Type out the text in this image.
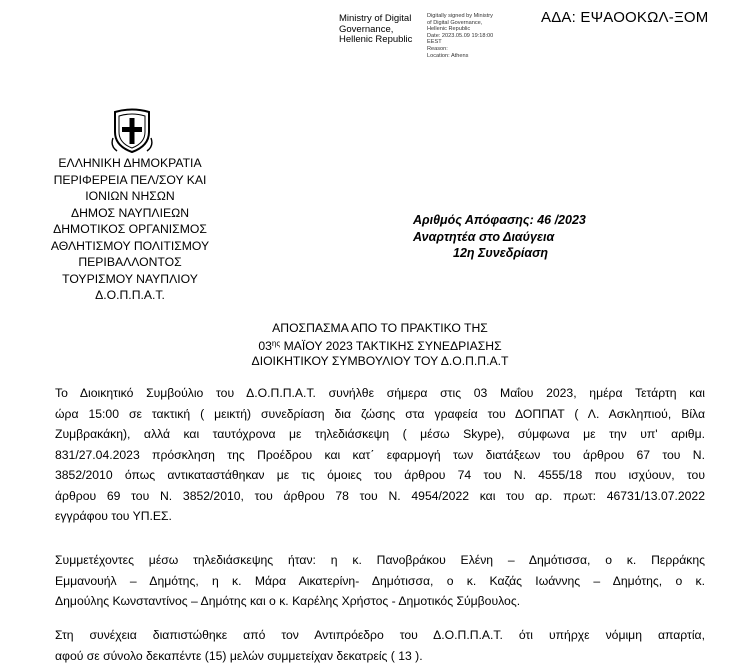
Ministry of Digital
Governance,
Hellenic Republic
Digitally signed by Ministry
of Digital Governance,
Hellenic Republic
Date: 2023.05.09 19:18:00
EEST
Reason:
Location: Athens
ΑΔΑ: ΕΨΑΟΟΚΩΛ-ΞΟΜ
ΕΛΛΗΝΙΚΗ ΔΗΜΟΚΡΑΤΙΑ
ΠΕΡΙΦΕΡΕΙΑ ΠΕΛ/ΣΟΥ ΚΑΙ
ΙΟΝΙΩΝ ΝΗΣΩΝ
ΔΗΜΟΣ ΝΑΥΠΛΙΕΩΝ
ΔΗΜΟΤΙΚΟΣ ΟΡΓΑΝΙΣΜΟΣ
ΑΘΛΗΤΙΣΜΟΥ ΠΟΛΙΤΙΣΜΟΥ
ΠΕΡΙΒΑΛΛΟΝΤΟΣ
ΤΟΥΡΙΣΜΟΥ ΝΑΥΠΛΙΟΥ
Δ.Ο.Π.Π.Α.Τ.
Αριθμός Απόφασης: 46 /2023
Αναρτητέα στο Διαύγεια
12η Συνεδρίαση
ΑΠΟΣΠΑΣΜΑ ΑΠΟ ΤΟ ΠΡΑΚΤΙΚΟ ΤΗΣ
$03^{\eta\varsigma}$ ΜΑΪΟΥ 2023 ΤΑΚΤΙΚΗΣ ΣΥΝΕΔΡΙΑΣΗΣ
ΔΙΟΙΚΗΤΙΚΟΥ ΣΥΜΒΟΥΛΙΟΥ ΤΟΥ Δ.Ο.Π.Π.Α.Τ
Το Διοικητικό Συμβούλιο του Δ.Ο.Π.Π.Α.Τ. συνήλθε σήμερα στις 03 Μαΐου 2023, ημέρα Τετάρτη και
ώρα 15:00 σε τακτική ( μεικτή) συνεδρίαση δια ζώσης στα γραφεία του ΔΟΠΠΑΤ ( Λ. Ασκληπιού, Βίλα
Ζυμβρακάκη), αλλά και ταυτόχρονα με τηλεδιάσκεψη ( μέσω Skype), σύμφωνα με την υπ' αριθμ.
831/27.04.2023 πρόσκληση της Προέδρου και κατ΄ εφαρμογή των διατάξεων του άρθρου 67 του Ν.
3852/2010 όπως αντικαταστάθηκαν με τις όμοιες του άρθρου 74 του Ν. 4555/18 που ισχύουν, του
άρθρου 69 του Ν. 3852/2010, του άρθρου 78 του Ν. 4954/2022 και του αρ. πρωτ: 46731/13.07.2022
εγγράφου του ΥΠ.ΕΣ.
Συμμετέχοντες μέσω τηλεδιάσκεψης ήταν: η κ. Πανοβράκου Ελένη – Δημότισσα, ο κ. Περράκης
Εμμανουήλ – Δημότης, η κ. Μάρα Αικατερίνη- Δημότισσα, ο κ. Καζάς Ιωάννης – Δημότης, ο κ.
Δημούλης Κωνσταντίνος – Δημότης και ο κ. Καρέλης Χρήστος - Δημοτικός Σύμβουλος.
Στη συνέχεια διαπιστώθηκε από τον Αντιπρόεδρο του Δ.Ο.Π.Π.Α.Τ. ότι υπήρχε νόμιμη απαρτία,
αφού σε σύνολο δεκαπέντε (15) μελών συμμετείχαν δεκατρείς ( 13 ).
